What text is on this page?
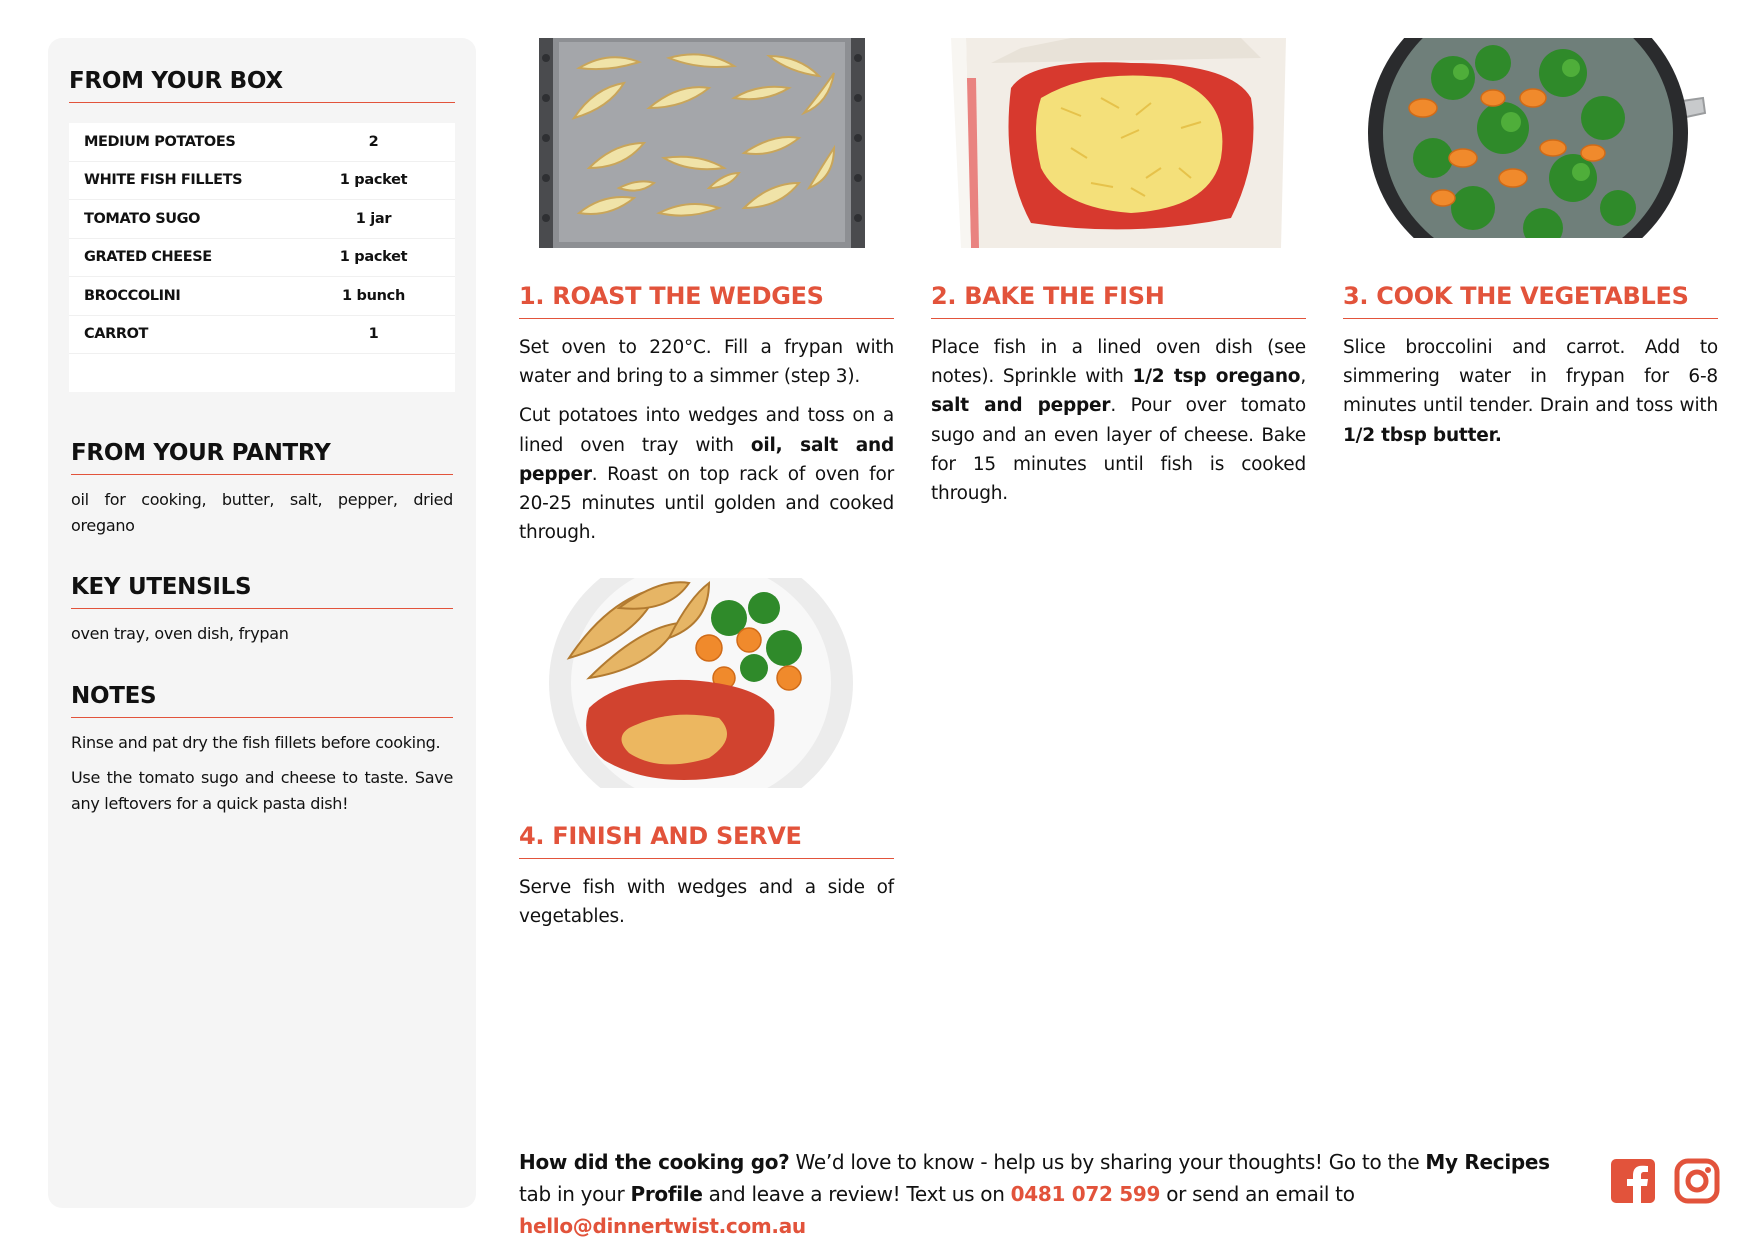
FROM YOUR BOX
MEDIUM POTATOES	2
WHITE FISH FILLETS	1 packet
TOMATO SUGO	1 jar
GRATED CHEESE	1 packet
BROCCOLINI	1 bunch
CARROT	1
FROM YOUR PANTRY

oil for cooking, butter, salt, pepper, dried oregano

KEY UTENSILS

oven tray, oven dish, frypan

NOTES

Rinse and pat dry the fish fillets before cooking.

Use the tomato sugo and cheese to taste. Save any leftovers for a quick pasta dish!

1. ROAST THE WEDGES

Set oven to 220°C. Fill a frypan with water and bring to a simmer (step 3).

Cut potatoes into wedges and toss on a lined oven tray with oil, salt and pepper. Roast on top rack of oven for 20-25 minutes until golden and cooked through.

2. BAKE THE FISH

Place fish in a lined oven dish (see notes). Sprinkle with 1/2 tsp oregano, salt and pepper. Pour over tomato sugo and an even layer of cheese. Bake for 15 minutes until fish is cooked through.

3. COOK THE VEGETABLES

Slice broccolini and carrot. Add to simmering water in frypan for 6-8 minutes until tender. Drain and toss with 1/2 tbsp butter.

4. FINISH AND SERVE

Serve fish with wedges and a side of vegetables.

How did the cooking go? We’d love to know - help us by sharing your thoughts! Go to the My Recipes tab in your Profile and leave a review! Text us on 0481 072 599 or send an email to hello@dinnertwist.com.au
